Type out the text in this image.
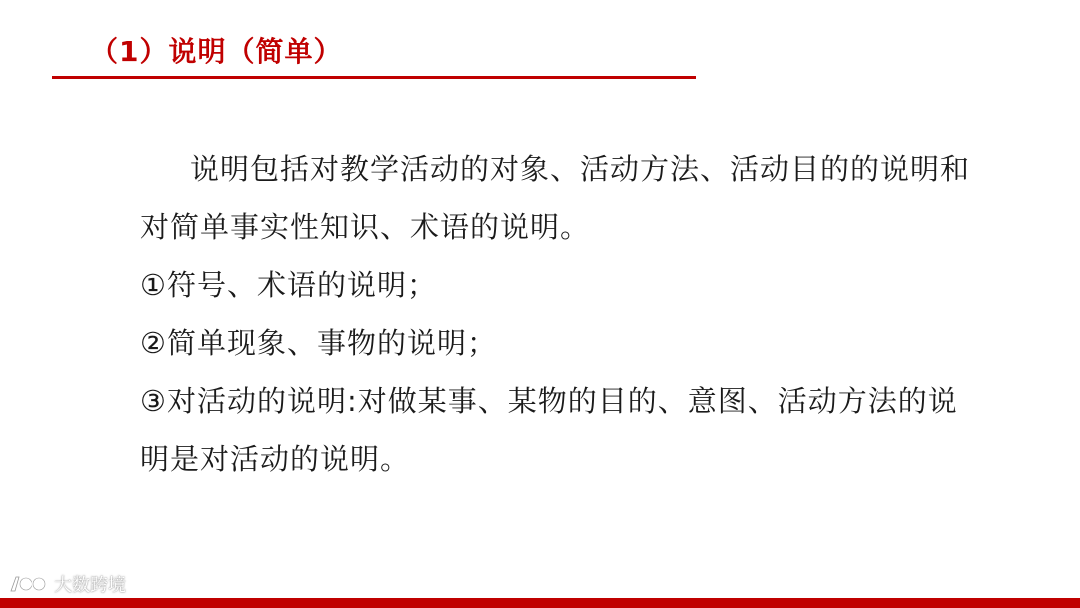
（1）说明（简单）

说明包括对教学活动的对象、活动方法、活动目的的说明和对简单事实性知识、术语的说明。

①符号、术语的说明；

②简单现象、事物的说明；

③对活动的说明:对做某事、某物的目的、意图、活动方法的说明是对活动的说明。

大数跨境
